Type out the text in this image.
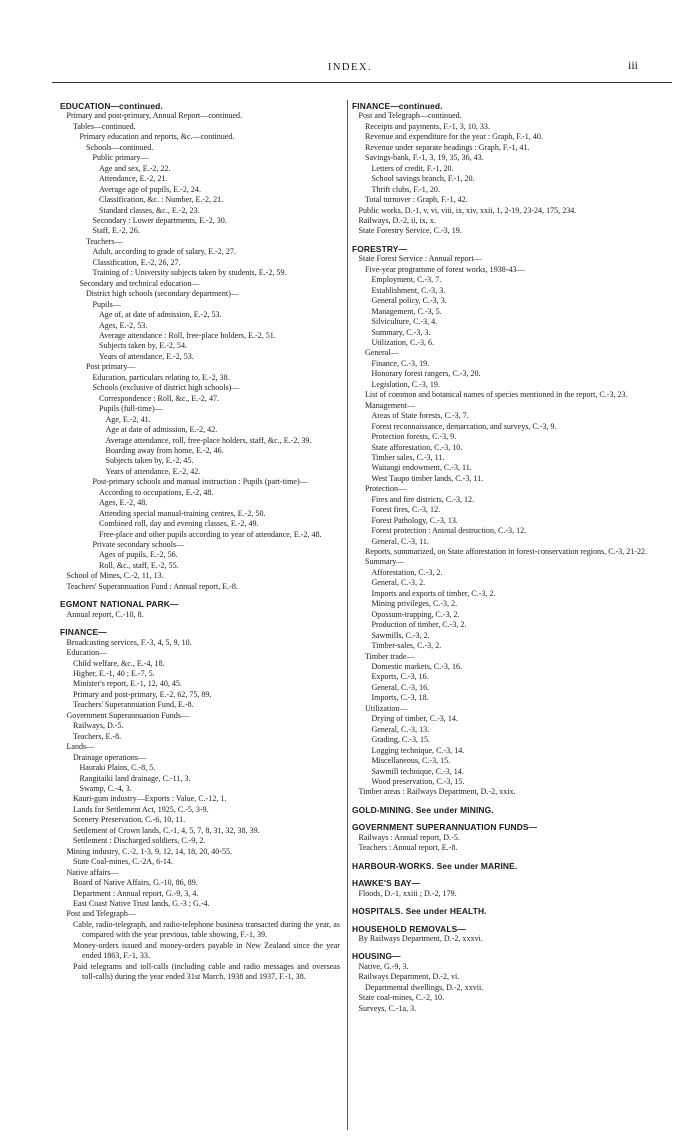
INDEX.	iii

EDUCATION—continued.

Primary and post-primary, Annual Report—continued.

Tables—continued.

Primary education and reports, &c.—continued.

Schools—continued.

Public primary—

Age and sex, E.-2, 22.

Attendance, E.-2, 21.

Average age of pupils, E.-2, 24.

Classification, &c. : Number, E.-2, 21.

Standard classes, &c., E.-2, 23.

Secondary : Lower departments, E.-2, 30.

Staff, E.-2, 26.

Teachers—

Adult, according to grade of salary, E.-2, 27.

Classification, E.-2, 26, 27.

Training of : University subjects taken by students, E.-2, 59.

Secondary and technical education—

District high schools (secondary department)—

Pupils—

Age of, at date of admission, E.-2, 53.

Ages, E.-2, 53.

Average attendance : Roll, free-place holders, E.-2, 51.

Subjects taken by, E.-2, 54.

Years of attendance, E.-2, 53.

Post primary—

Education, particulars relating to, E.-2, 38.

Schools (exclusive of district high schools)—

Correspondence : Roll, &c., E.-2, 47.

Pupils (full-time)—

Age, E.-2, 41.

Age at date of admission, E.-2, 42.

Average attendance, roll, free-place holders, staff, &c., E.-2, 39.

Boarding away from home, E.-2, 46.

Subjects taken by, E.-2, 45.

Years of attendance, E.-2, 42.

Post-primary schools and manual instruction : Pupils (part-time)—

According to occupations, E.-2, 48.

Ages, E.-2, 48.

Attending special manual-training centres, E.-2, 50.

Combined roll, day and evening classes, E.-2, 49.

Free-place and other pupils according to year of attendance, E.-2, 48.

Private secondary schools—

Ages of pupils, E.-2, 56.

Roll, &c., staff, E.-2, 55.

School of Mines, C.-2, 11, 13.

Teachers' Superannuation Fund : Annual report, E.-8.

EGMONT NATIONAL PARK—

Annual report, C.-10, 8.

FINANCE—

Broadcasting services, F.-3, 4, 5, 9, 10.

Education—

Child welfare, &c., E.-4, 18.

Higher, E.-1, 40 ; E.-7, 5.

Minister's report, E.-1, 12, 40, 45.

Primary and post-primary, E.-2, 62, 75, 89.

Teachers' Superannuation Fund, E.-8.

Government Superannuation Funds—

Railways, D.-5.

Teachers, E.-8.

Lands—

Drainage operations—

Hauraki Plains, C.-8, 5.

Rangitaiki land drainage, C.-11, 3.

Swamp, C.-4, 3.

Kauri-gum industry—Exports : Value, C.-12, 1.

Lands for Settlement Act, 1925, C.-5, 3-9.

Scenery Preservation, C.-6, 10, 11.

Settlement of Crown lands, C.-1, 4, 5, 7, 8, 31, 32, 38, 39.

Settlement : Discharged soldiers, C.-9, 2.

Mining industry, C.-2, 1-3, 9, 12, 14, 18, 20, 40-55.

State Coal-mines, C.-2A, 6-14.

Native affairs—

Board of Native Affairs, G.-10, 86, 89.

Department : Annual report, G.-9, 3, 4.

East Coast Native Trust lands, G.-3 ; G.-4.

Post and Telegraph—

Cable, radio-telegraph, and radio-telephone business transacted during the year, as compared with the year previous, table showing, F.-1, 39.

Money-orders issued and money-orders payable in New Zealand since the year ended 1863, F.-1, 33.

Paid telegrams and toll-calls (including cable and radio messages and overseas toll-calls) during the year ended 31st March, 1938 and 1937, F.-1, 38.

FINANCE—continued.

Post and Telegraph—continued.

Receipts and payments, F.-1, 3, 10, 33.

Revenue and expenditure for the year : Graph, F.-1, 40.

Revenue under separate headings : Graph, F.-1, 41.

Savings-bank, F.-1, 3, 19, 35, 36, 43.

Letters of credit, F.-1, 20.

School savings branch, F.-1, 20.

Thrift clubs, F.-1, 20.

Total turnover : Graph, F.-1, 42.

Public works, D.-1, v, vi, viii, ix, xiv, xxii, 1, 2-19, 23-24, 175, 234.

Railways, D.-2, ii, ix, x.

State Forestry Service, C.-3, 19.

FORESTRY—

State Forest Service : Annual report—

Five-year programme of forest works, 1938-43—

Employment, C.-3, 7.

Establishment, C.-3, 3.

General policy, C.-3, 3.

Management, C.-3, 5.

Silviculture, C.-3, 4.

Summary, C.-3, 3.

Utilization, C.-3, 6.

General—

Finance, C.-3, 19.

Honorary forest rangers, C.-3, 20.

Legislation, C.-3, 19.

List of common and botanical names of species mentioned in the report, C.-3, 23.

Management—

Areas of State forests, C.-3, 7.

Forest reconnaissance, demarcation, and surveys, C.-3, 9.

Protection forests, C.-3, 9.

State afforestation, C.-3, 10.

Timber sales, C.-3, 11.

Waitangi endowment, C.-3, 11.

West Taupo timber lands, C.-3, 11.

Protection—

Fires and fire districts, C.-3, 12.

Forest fires, C.-3, 12.

Forest Pathology, C.-3, 13.

Forest protection : Animal destruction, C.-3, 12.

General, C.-3, 11.

Reports, summarized, on State afforestation in forest-conservation regions, C.-3, 21-22.

Summary—

Afforestation, C.-3, 2.

General, C.-3, 2.

Imports and exports of timber, C.-3, 2.

Mining privileges, C.-3, 2.

Opossum-trapping, C.-3, 2.

Production of timber, C.-3, 2.

Sawmills, C.-3, 2.

Timber-sales, C.-3, 2.

Timber trade—

Domestic markets, C.-3, 16.

Exports, C.-3, 16.

General, C.-3, 16.

Imports, C.-3, 18.

Utilization—

Drying of timber, C.-3, 14.

General, C.-3, 13.

Grading, C.-3, 15.

Logging technique, C.-3, 14.

Miscellaneous, C.-3, 15.

Sawmill technique, C.-3, 14.

Wood preservation, C.-3, 15.

Timber areas : Railways Department, D.-2, xxix.

GOLD-MINING. See under MINING.

GOVERNMENT SUPERANNUATION FUNDS—

Railways : Annual report, D.-5.

Teachers : Annual report, E.-8.

HARBOUR-WORKS. See under MARINE.

HAWKE'S BAY—

Floods, D.-1, xxiii ; D.-2, 179.

HOSPITALS. See under HEALTH.

HOUSEHOLD REMOVALS—

By Railways Department, D.-2, xxxvi.

HOUSING—

Native, G.-9, 3.

Railways Department, D.-2, vi.

Departmental dwellings, D.-2, xxvii.

State coal-mines, C.-2, 10.

Surveys, C.-1a, 3.
